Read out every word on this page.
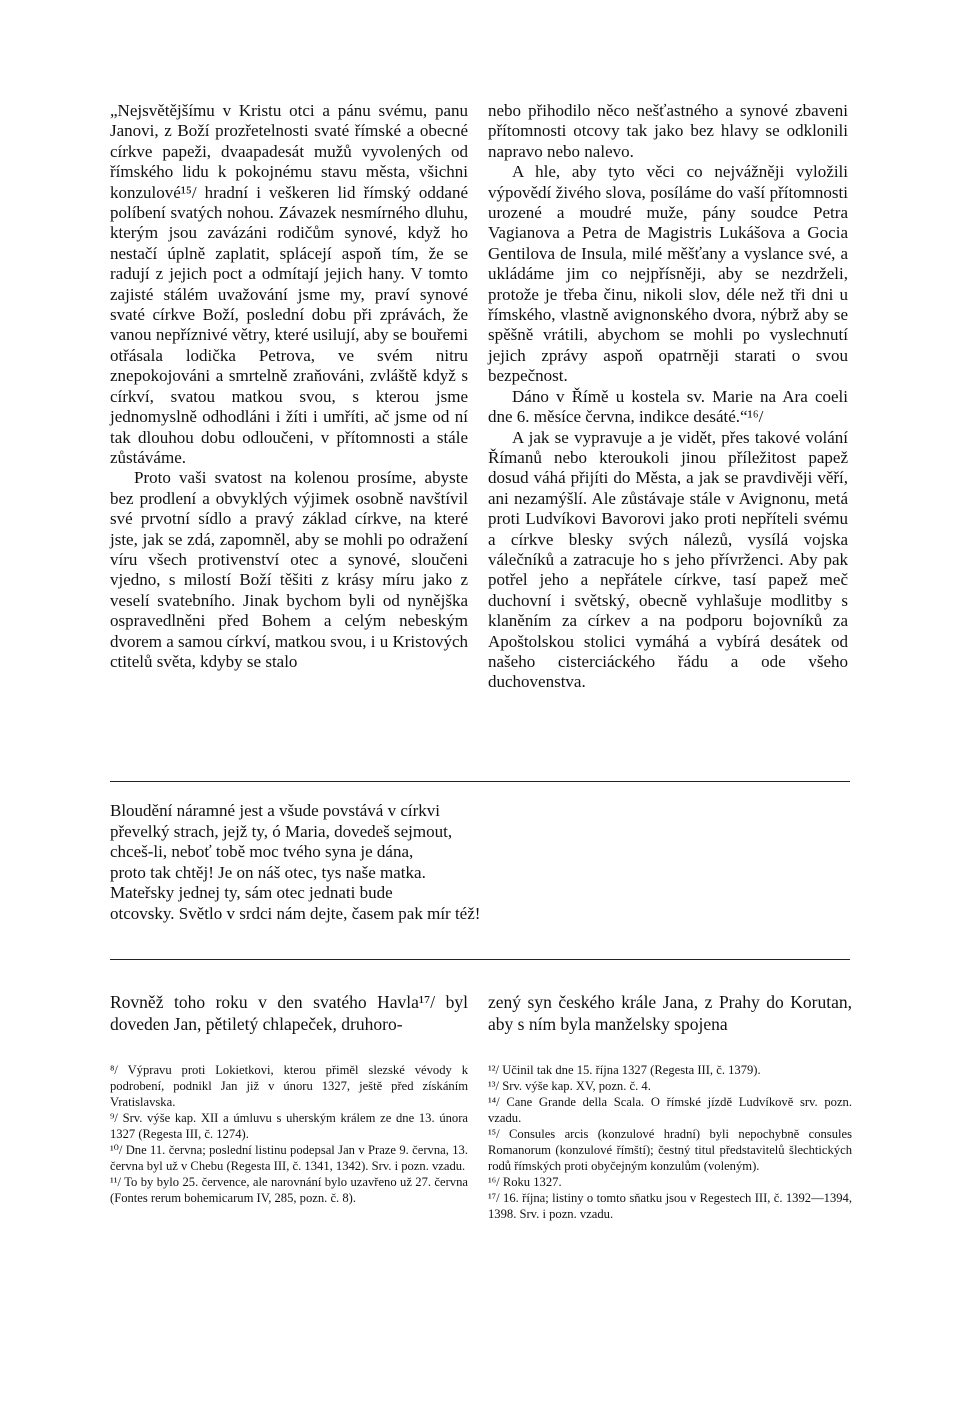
„Nejsvětějšímu v Kristu otci a pánu svému, panu Janovi, z Boží prozřetelnosti svaté římské a obecné církve papeži, dvaapadesát mužů vyvolených od římského lidu k pokojnému stavu města, všichni konzulové¹⁵/ hradní i veškeren lid římský oddané políbení svatých nohou. Závazek nesmírného dluhu, kterým jsou zavázáni rodičům synové, když ho nestačí úplně zaplatit, splácejí aspoň tím, že se radují z jejich poct a odmítají jejich hany. V tomto zajisté stálém uvažování jsme my, praví synové svaté církve Boží, poslední dobu při zprávách, že vanou nepříznivé větry, které usilují, aby se bouřemi otřásala lodička Petrova, ve svém nitru znepokojováni a smrtelně zraňováni, zvláště když s církví, svatou matkou svou, s kterou jsme jednomyslně odhodláni i žíti i umříti, ač jsme od ní tak dlouhou dobu odloučeni, v přítomnosti a stále zůstáváme.

Proto vaši svatost na kolenou prosíme, abyste bez prodlení a obvyklých výjimek osobně navštívil své prvotní sídlo a pravý základ církve, na které jste, jak se zdá, zapomněl, aby se mohli po odražení víru všech protivenství otec a synové, sloučeni vjedno, s milostí Boží těšiti z krásy míru jako z veselí svatebního. Jinak bychom byli od nynějška ospravedlněni před Bohem a celým nebeským dvorem a samou církví, matkou svou, i u Kristových ctitelů světa, kdyby se stalo

nebo přihodilo něco nešťastného a synové zbaveni přítomnosti otcovy tak jako bez hlavy se odklonili napravo nebo nalevo.

A hle, aby tyto věci co nejvážněji vyložili výpovědí živého slova, posíláme do vaší přítomnosti urozené a moudré muže, pány soudce Petra Vagianova a Petra de Magistris Lukášova a Gocia Gentilova de Insula, milé měšťany a vyslance své, a ukládáme jim co nejpřísněji, aby se nezdrželi, protože je třeba činu, nikoli slov, déle než tři dni u římského, vlastně avignonského dvora, nýbrž aby se spěšně vrátili, abychom se mohli po vyslechnutí jejich zprávy aspoň opatrněji starati o svou bezpečnost.

Dáno v Římě u kostela sv. Marie na Ara coeli dne 6. měsíce června, indikce desáté.“¹⁶/

A jak se vypravuje a je vidět, přes takové volání Římanů nebo kteroukoli jinou příležitost papež dosud váhá přijíti do Města, a jak se pravdivěji věří, ani nezamýšlí. Ale zůstávaje stále v Avignonu, metá proti Ludvíkovi Bavorovi jako proti nepříteli svému a církve blesky svých nálezů, vysílá vojska válečníků a zatracuje ho s jeho přívrženci. Aby pak potřel jeho a nepřátele církve, tasí papež meč duchovní i světský, obecně vyhlašuje modlitby s klaněním za církev a na podporu bojovníků za Apoštolskou stolici vymáhá a vybírá desátek od našeho cisterciáckého řádu a ode všeho duchovenstva.

Bloudění náramné jest a všude povstává v církvi
převelký strach, jejž ty, ó Maria, dovedeš sejmout,
chceš-li, neboť tobě moc tvého syna je dána,
proto tak chtěj! Je on náš otec, tys naše matka.
Mateřsky jednej ty, sám otec jednati bude
otcovsky. Světlo v srdci nám dejte, časem pak mír též!

Rovněž toho roku v den svatého Havla¹⁷/ byl doveden Jan, pětiletý chlapeček, druhoro-

zený syn českého krále Jana, z Prahy do Korutan, aby s ním byla manželsky spojena

⁸/ Výpravu proti Lokietkovi, kterou přiměl slezské vévody k podrobení, podnikl Jan již v únoru 1327, ještě před získáním Vratislavska.

⁹/ Srv. výše kap. XII a úmluvu s uherským králem ze dne 13. února 1327 (Regesta III, č. 1274).

¹⁰/ Dne 11. června; poslední listinu podepsal Jan v Praze 9. června, 13. června byl už v Chebu (Regesta III, č. 1341, 1342). Srv. i pozn. vzadu.

¹¹/ To by bylo 25. července, ale narovnání bylo uzavřeno už 27. června (Fontes rerum bohemicarum IV, 285, pozn. č. 8).

¹²/ Učinil tak dne 15. října 1327 (Regesta III, č. 1379).

¹³/ Srv. výše kap. XV, pozn. č. 4.

¹⁴/ Cane Grande della Scala. O římské jízdě Ludvíkově srv. pozn. vzadu.

¹⁵/ Consules arcis (konzulové hradní) byli nepochybně consules Romanorum (konzulové římští); čestný titul představitelů šlechtických rodů římských proti obyčejným konzulům (voleným).

¹⁶/ Roku 1327.

¹⁷/ 16. října; listiny o tomto sňatku jsou v Regestech III, č. 1392—1394, 1398. Srv. i pozn. vzadu.
